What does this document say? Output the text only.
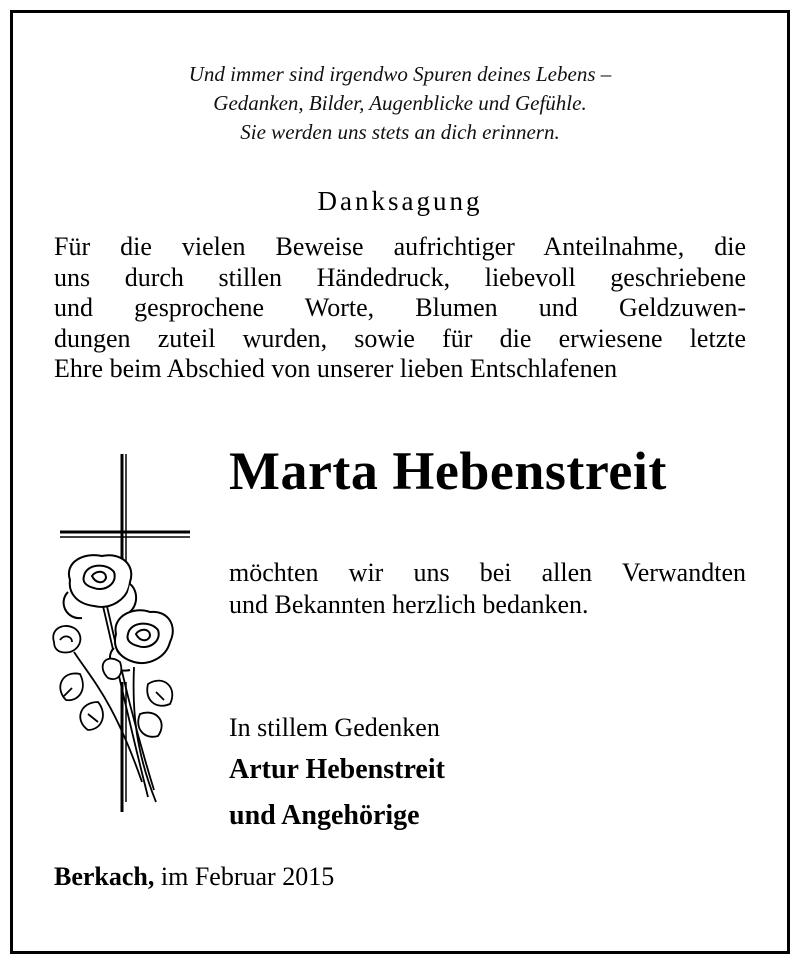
Und immer sind irgendwo Spuren deines Lebens –
Gedanken, Bilder, Augenblicke und Gefühle.
Sie werden uns stets an dich erinnern.
Danksagung
Für die vielen Beweise aufrichtiger Anteilnahme, die
uns durch stillen Händedruck, liebevoll geschriebene
und gesprochene Worte, Blumen und Geldzuwen-
dungen zuteil wurden, sowie für die erwiesene letzte
Ehre beim Abschied von unserer lieben Entschlafenen
Marta Hebenstreit
möchten wir uns bei allen Verwandten
und Bekannten herzlich bedanken.
In stillem Gedenken
Artur Hebenstreit
und Angehörige
Berkach, im Februar 2015
